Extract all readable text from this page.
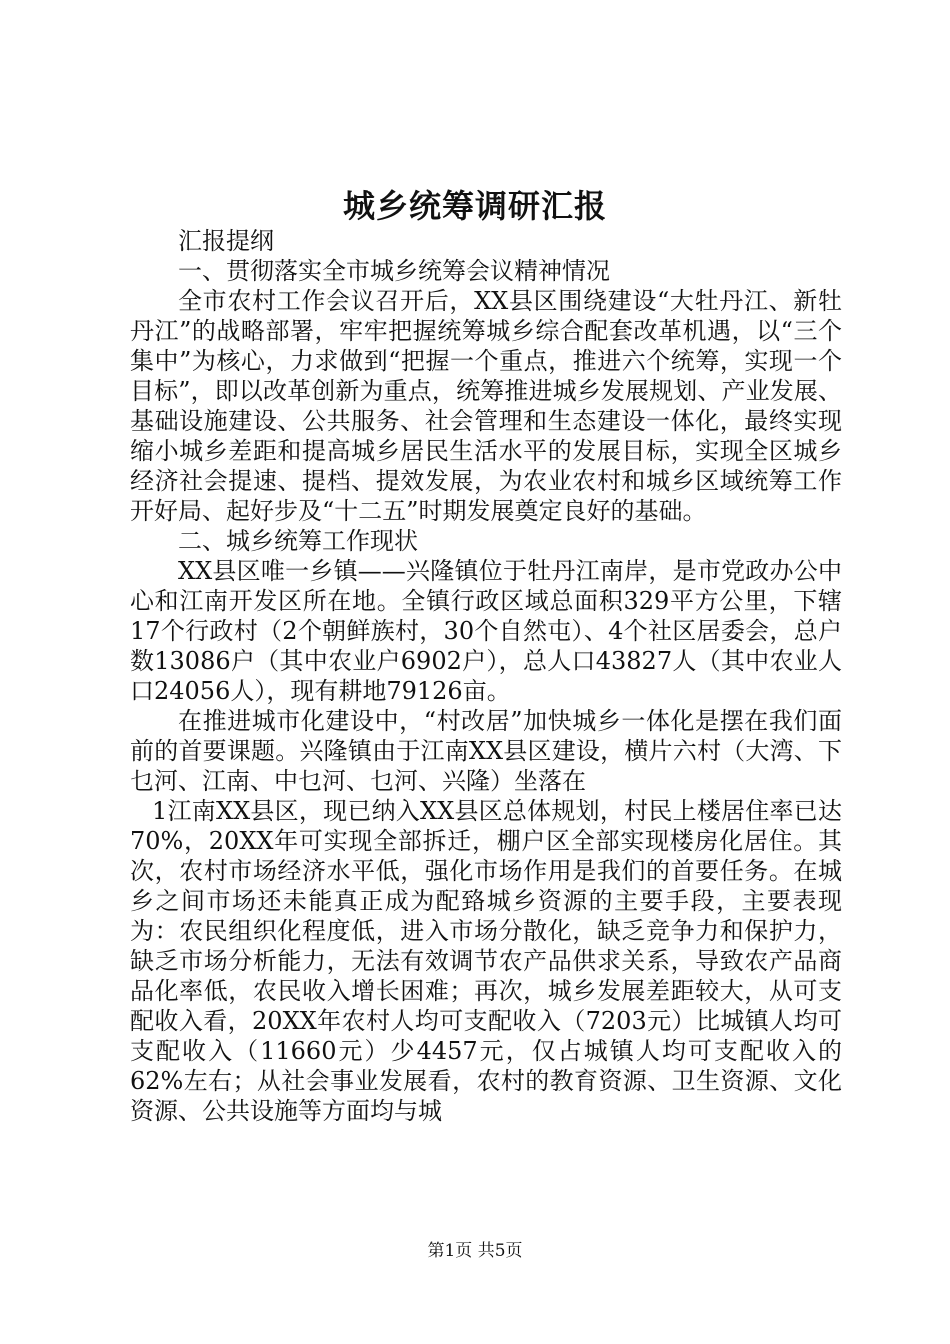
城乡统筹调研汇报

汇报提纲

一、贯彻落实全市城乡统筹会议精神情况

全市农村工作会议召开后，XX县区围绕建设“大牡丹江、新牡丹江”的战略部署，牢牢把握统筹城乡综合配套改革机遇，以“三个集中”为核心，力求做到“把握一个重点，推进六个统筹，实现一个目标”，即以改革创新为重点，统筹推进城乡发展规划、产业发展、基础设施建设、公共服务、社会管理和生态建设一体化，最终实现缩小城乡差距和提高城乡居民生活水平的发展目标，实现全区城乡经济社会提速、提档、提效发展，为农业农村和城乡区域统筹工作开好局、起好步及“十二五”时期发展奠定良好的基础。

二、城乡统筹工作现状

XX县区唯一乡镇——兴隆镇位于牡丹江南岸，是市党政办公中心和江南开发区所在地。全镇行政区域总面积329平方公里，下辖17个行政村（2个朝鲜族村，30个自然屯）、4个社区居委会，总户数13086户（其中农业户6902户），总人口43827人（其中农业人口24056人），现有耕地79126亩。

在推进城市化建设中，“村改居”加快城乡一体化是摆在我们面前的首要课题。兴隆镇由于江南XX县区建设，横片六村（大湾、下乜河、江南、中乜河、乜河、兴隆）坐落在

1江南XX县区，现已纳入XX县区总体规划，村民上楼居住率已达70%，20XX年可实现全部拆迁，棚户区全部实现楼房化居住。其次，农村市场经济水平低，强化市场作用是我们的首要任务。在城乡之间市场还未能真正成为配臵城乡资源的主要手段，主要表现为：农民组织化程度低，进入市场分散化，缺乏竞争力和保护力，缺乏市场分析能力，无法有效调节农产品供求关系，导致农产品商品化率低，农民收入增长困难；再次，城乡发展差距较大，从可支配收入看，20XX年农村人均可支配收入（7203元）比城镇人均可支配收入（11660元）少4457元，仅占城镇人均可支配收入的62%左右；从社会事业发展看，农村的教育资源、卫生资源、文化资源、公共设施等方面均与城

第1页 共5页
